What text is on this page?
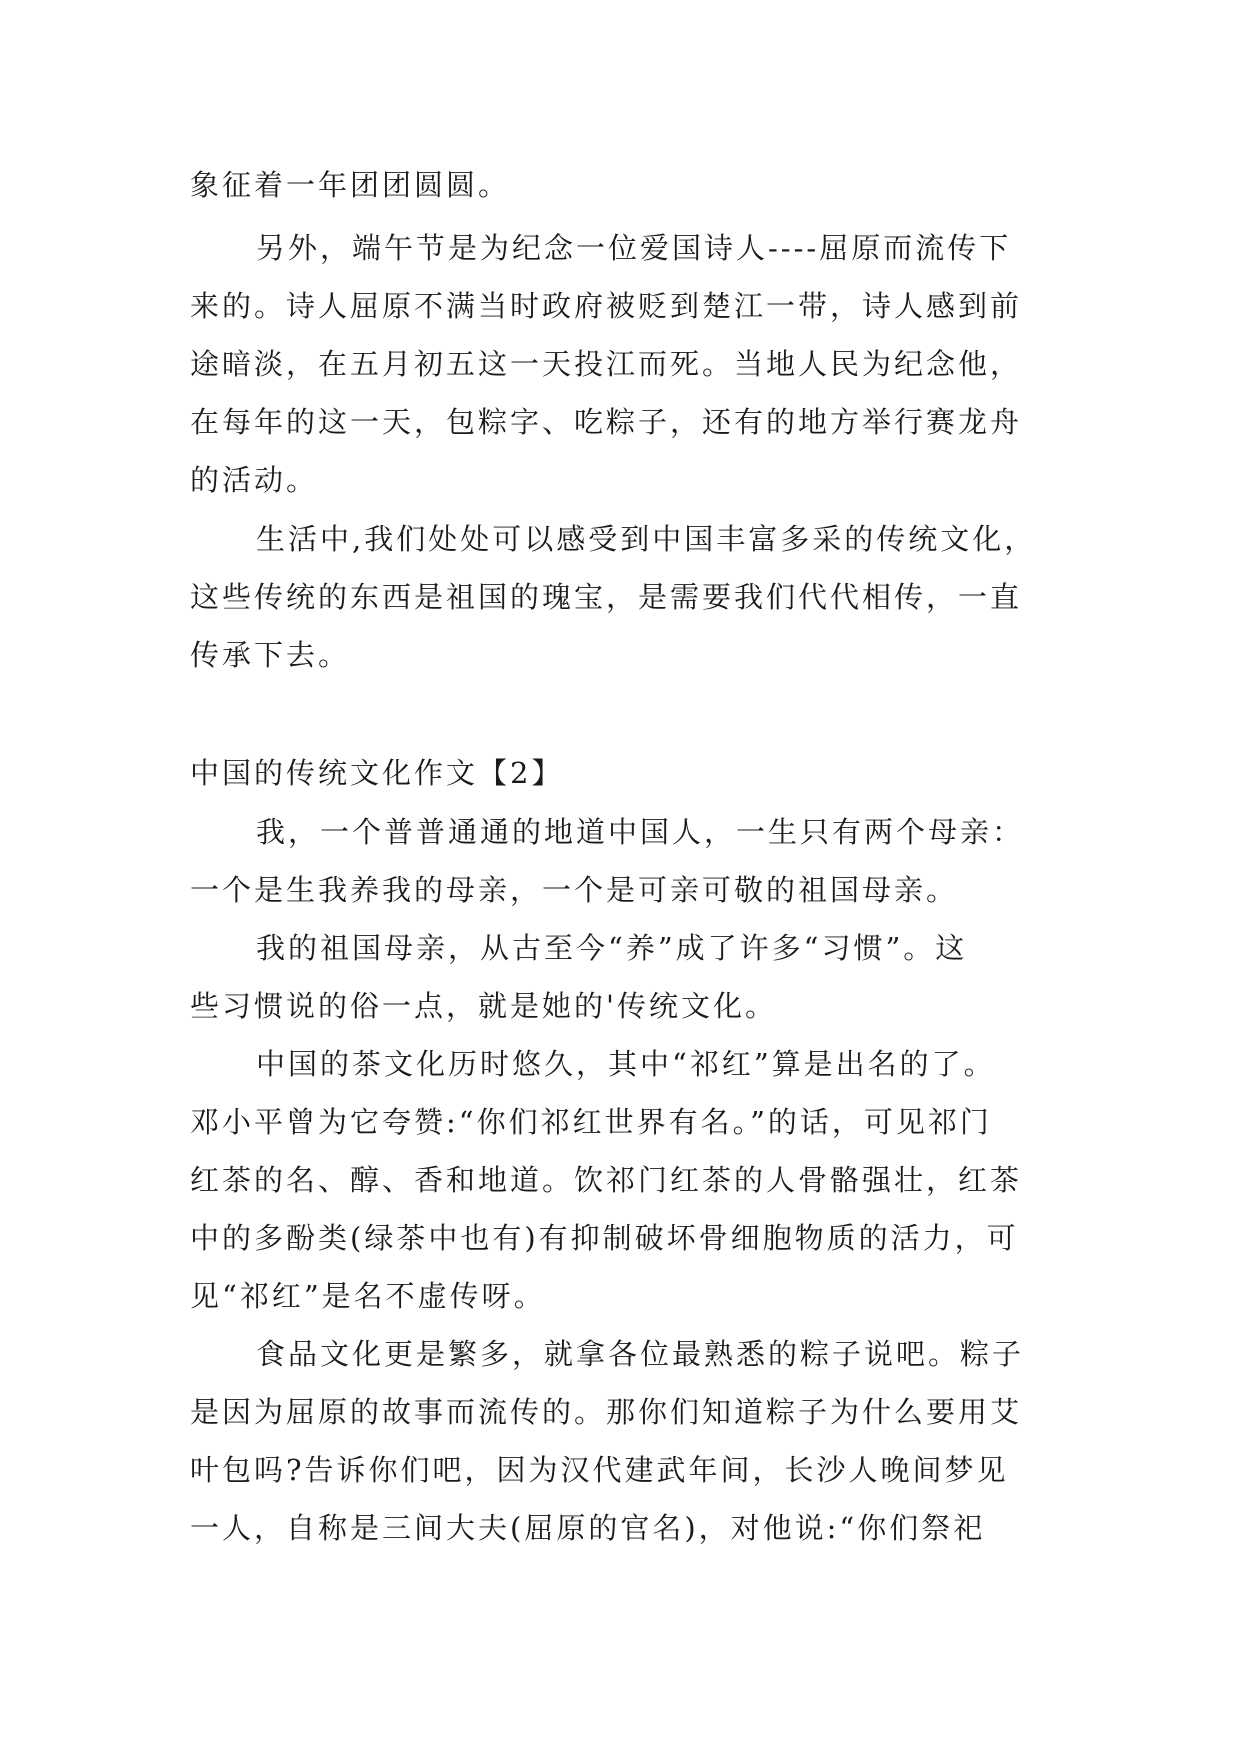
象征着一年团团圆圆。
另外，端午节是为纪念一位爱国诗人----屈原而流传下
来的。诗人屈原不满当时政府被贬到楚江一带，诗人感到前
途暗淡，在五月初五这一天投江而死。当地人民为纪念他，
在每年的这一天，包粽字、吃粽子，还有的地方举行赛龙舟
的活动。
生活中,我们处处可以感受到中国丰富多采的传统文化，
这些传统的东西是祖国的瑰宝，是需要我们代代相传，一直
传承下去。
中国的传统文化作文【2】
我，一个普普通通的地道中国人，一生只有两个母亲：
一个是生我养我的母亲，一个是可亲可敬的祖国母亲。
我的祖国母亲，从古至今“养”成了许多“习惯”。这
些习惯说的俗一点，就是她的'传统文化。
中国的茶文化历时悠久，其中“祁红”算是出名的了。
邓小平曾为它夸赞:“你们祁红世界有名。”的话，可见祁门
红茶的名、醇、香和地道。饮祁门红茶的人骨骼强壮，红茶
中的多酚类(绿茶中也有)有抑制破坏骨细胞物质的活力，可
见“祁红”是名不虚传呀。
食品文化更是繁多，就拿各位最熟悉的粽子说吧。粽子
是因为屈原的故事而流传的。那你们知道粽子为什么要用艾
叶包吗?告诉你们吧，因为汉代建武年间，长沙人晚间梦见
一人，自称是三间大夫(屈原的官名)，对他说:“你们祭祀
